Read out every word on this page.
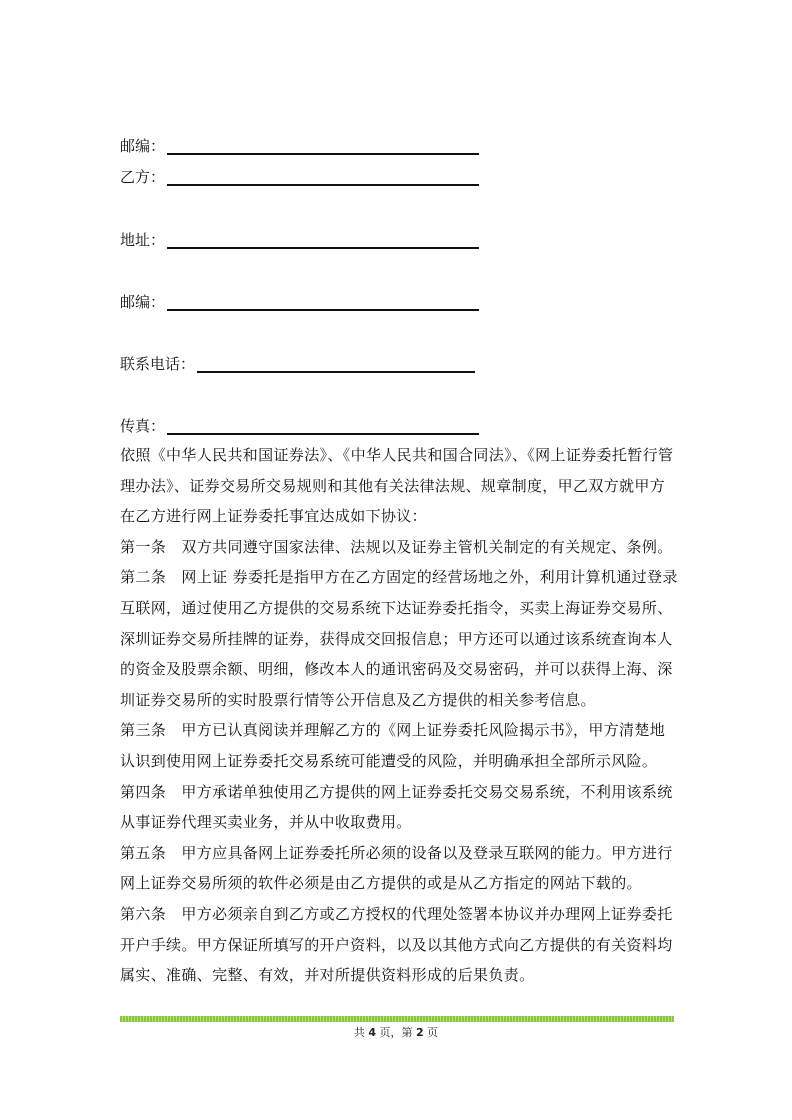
邮编：
乙方：
地址：
邮编：
联系电话：
传真：

依照《中华人民共和国证券法》、《中华人民共和国合同法》、《网上证券委托暂行管理办法》、证券交易所交易规则和其他有关法律法规、规章制度，甲乙双方就甲方在乙方进行网上证券委托事宜达成如下协议：

第一条　双方共同遵守国家法律、法规以及证券主管机关制定的有关规定、条例。

第二条　网上证 券委托是指甲方在乙方固定的经营场地之外，利用计算机通过登录互联网，通过使用乙方提供的交易系统下达证券委托指令，买卖上海证券交易所、深圳证券交易所挂牌的证券，获得成交回报信息；甲方还可以通过该系统查询本人的资金及股票余额、明细，修改本人的通讯密码及交易密码，并可以获得上海、深圳证券交易所的实时股票行情等公开信息及乙方提供的相关参考信息。

第三条　甲方已认真阅读并理解乙方的《网上证券委托风险揭示书》，甲方清楚地认识到使用网上证券委托交易系统可能遭受的风险，并明确承担全部所示风险。

第四条　甲方承诺单独使用乙方提供的网上证券委托交易交易系统，不利用该系统从事证券代理买卖业务，并从中收取费用。

第五条　甲方应具备网上证券委托所必须的设备以及登录互联网的能力。甲方进行网上证券交易所须的软件必须是由乙方提供的或是从乙方指定的网站下载的。

第六条　甲方必须亲自到乙方或乙方授权的代理处签署本协议并办理网上证券委托开户手续。甲方保证所填写的开户资料，以及以其他方式向乙方提供的有关资料均属实、准确、完整、有效，并对所提供资料形成的后果负责。

共 4 页，第 2 页
